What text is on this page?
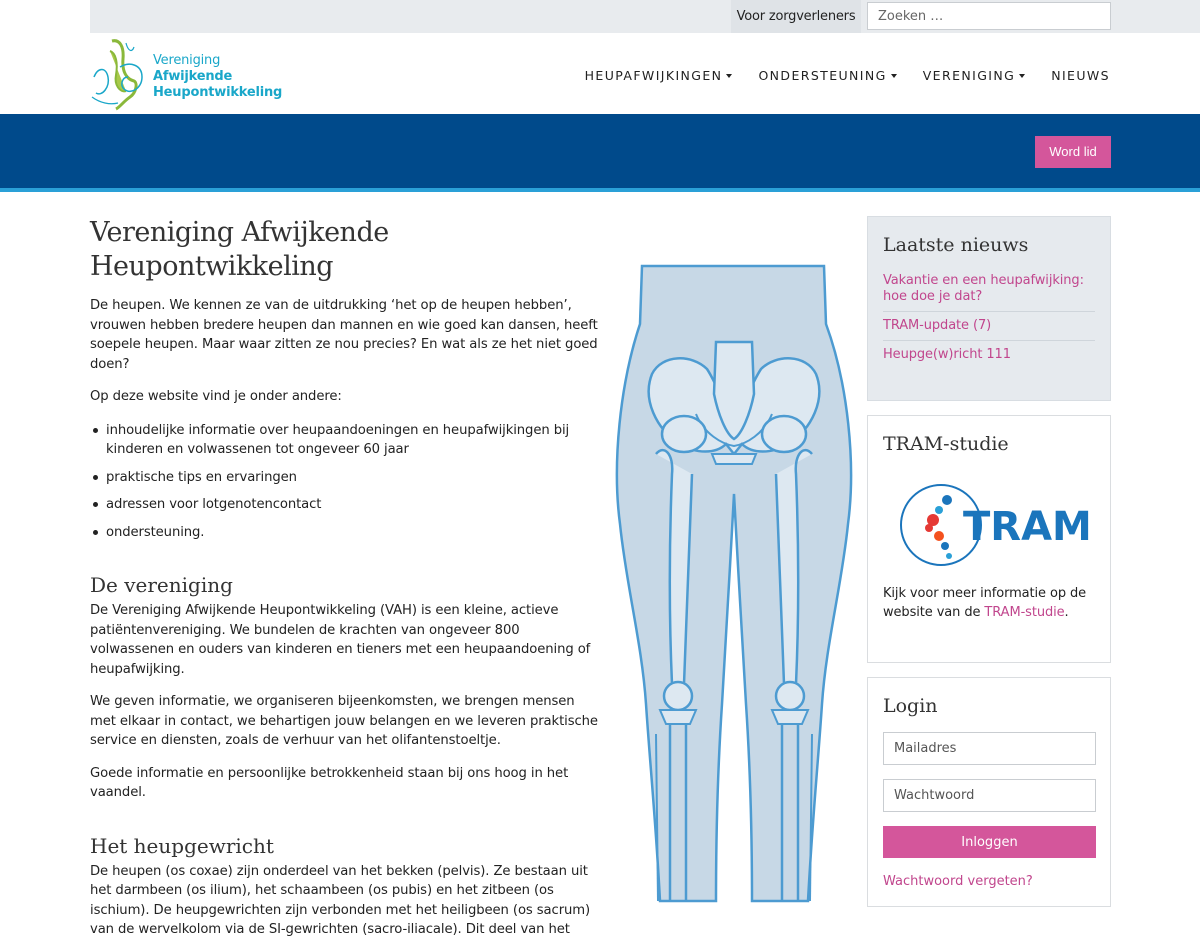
Voor zorgverleners
Zoeken …
Vereniging
Afwijkende
Heupontwikkeling
HEUPAFWIJKINGEN	ONDERSTEUNING	VERENIGING	NIEUWS
Word lid
Vereniging Afwijkende Heupontwikkeling

De heupen. We kennen ze van de uitdrukking ‘het op de heupen hebben’, vrouwen hebben bredere heupen dan mannen en wie goed kan dansen, heeft soepele heupen. Maar waar zitten ze nou precies? En wat als ze het niet goed doen?

Op deze website vind je onder andere:

inhoudelijke informatie over heupaandoeningen en heupafwijkingen bij kinderen en volwassenen tot ongeveer 60 jaar
praktische tips en ervaringen
adressen voor lotgenotencontact
ondersteuning.
De vereniging

De Vereniging Afwijkende Heupontwikkeling (VAH) is een kleine, actieve patiëntenvereniging. We bundelen de krachten van ongeveer 800 volwassenen en ouders van kinderen en tieners met een heupaandoening of heupafwijking.

We geven informatie, we organiseren bijeenkomsten, we brengen mensen met elkaar in contact, we behartigen jouw belangen en we leveren praktische service en diensten, zoals de verhuur van het olifantenstoeltje.

Goede informatie en persoonlijke betrokkenheid staan bij ons hoog in het vaandel.

Het heupgewricht

De heupen (os coxae) zijn onderdeel van het bekken (pelvis). Ze bestaan uit het darmbeen (os ilium), het schaambeen (os pubis) en het zitbeen (os ischium). De heupgewrichten zijn verbonden met het heiligbeen (os sacrum) van de wervelkolom via de SI-gewrichten (sacro-iliacale). Dit deel van het

Laatste nieuws
Vakantie en een heupafwijking: hoe doe je dat?
TRAM-update (7)
Heupge(w)richt 111
TRAM-studie
TRAM

Kijk voor meer informatie op de website van de TRAM-studie.

Login
Mailadres
Inloggen
Wachtwoord vergeten?
